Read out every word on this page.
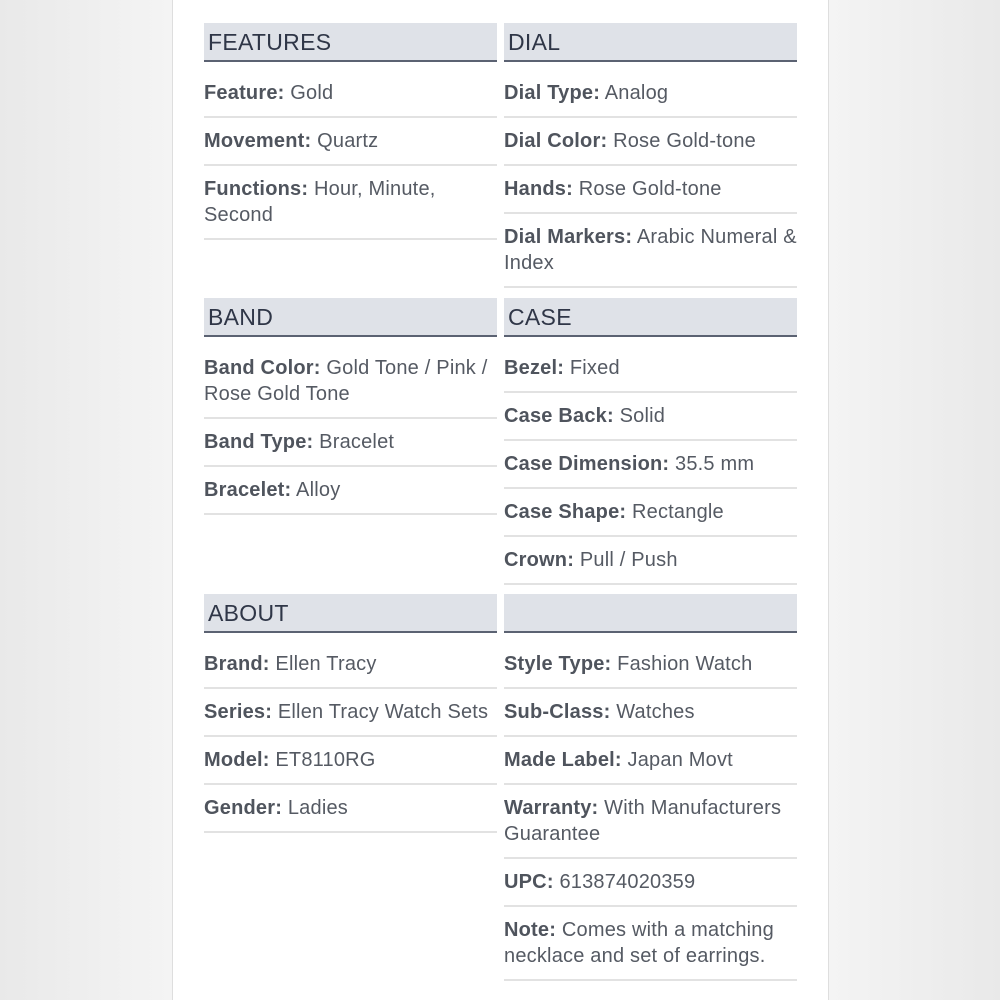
FEATURES
Feature: Gold
Movement: Quartz
Functions: Hour, Minute, Second
DIAL
Dial Type: Analog
Dial Color: Rose Gold-tone
Hands: Rose Gold-tone
Dial Markers: Arabic Numeral & Index
BAND
Band Color: Gold Tone / Pink / Rose Gold Tone
Band Type: Bracelet
Bracelet: Alloy
CASE
Bezel: Fixed
Case Back: Solid
Case Dimension: 35.5 mm
Case Shape: Rectangle
Crown: Pull / Push
ABOUT
Brand: Ellen Tracy
Series: Ellen Tracy Watch Sets
Model: ET8110RG
Gender: Ladies
Style Type: Fashion Watch
Sub-Class: Watches
Made Label: Japan Movt
Warranty: With Manufacturers Guarantee
UPC: 613874020359
Note: Comes with a matching necklace and set of earrings.
